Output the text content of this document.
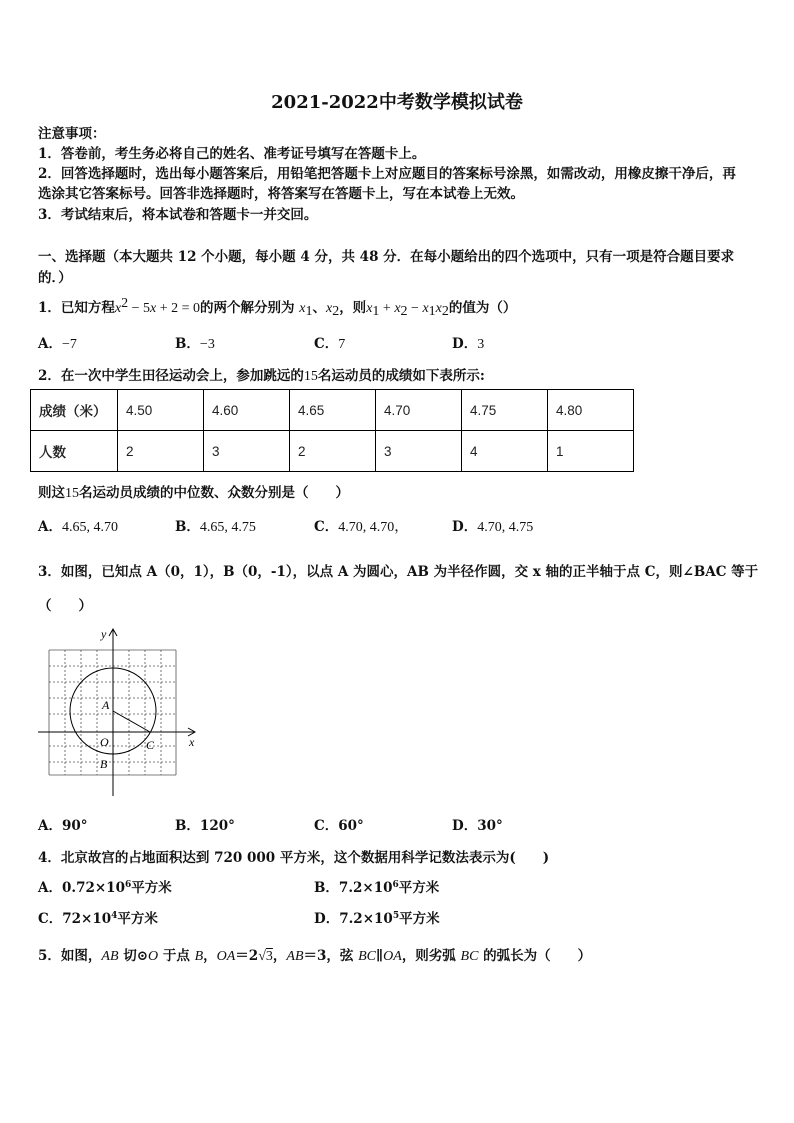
2021-2022中考数学模拟试卷
注意事项：
1．答卷前，考生务必将自己的姓名、准考证号填写在答题卡上。
2．回答选择题时，选出每小题答案后，用铅笔把答题卡上对应题目的答案标号涂黑，如需改动，用橡皮擦干净后，再
选涂其它答案标号。回答非选择题时，将答案写在答题卡上，写在本试卷上无效。
3．考试结束后，将本试卷和答题卡一并交回。
一、选择题（本大题共 12 个小题，每小题 4 分，共 48 分．在每小题给出的四个选项中，只有一项是符合题目要求
的．）
1．已知方程$x^2 - 5x + 2 = 0$的两个解分别为 $x_1$、$x_2$，则$x_1 + x_2 - x_1x_2$的值为（）
A．−7	B．−3	C．7	D．3
2．在一次中学生田径运动会上，参加跳远的15名运动员的成绩如下表所示:
成绩（米）	4.50	4.60	4.65	4.70	4.75	4.80
人数	2	3	2	3	4	1
则这15名运动员成绩的中位数、众数分别是（　　）
A．4.65, 4.70	B．4.65, 4.75	C．4.70, 4.70，	D．4.70, 4.75
3．如图，已知点 A（0，1），B（0，-1），以点 A 为圆心，AB 为半径作圆，交 x 轴的正半轴于点 C，则∠BAC 等于
（　　）
y
x
A
O
B
C
A．90°	B．120°	C．60°	D．30°
4．北京故宫的占地面积达到 720 000 平方米，这个数据用科学记数法表示为(　　)
A．$0.72\times 10^6$平方米	B．$7.2\times 10^6$平方米
C．$72\times 10^4$平方米	D．$7.2\times 10^5$平方米
5．如图，AB 切⊙O 于点 B，OA＝2√3，AB＝3，弦 BC∥OA，则劣弧 BC 的弧长为（　　）
